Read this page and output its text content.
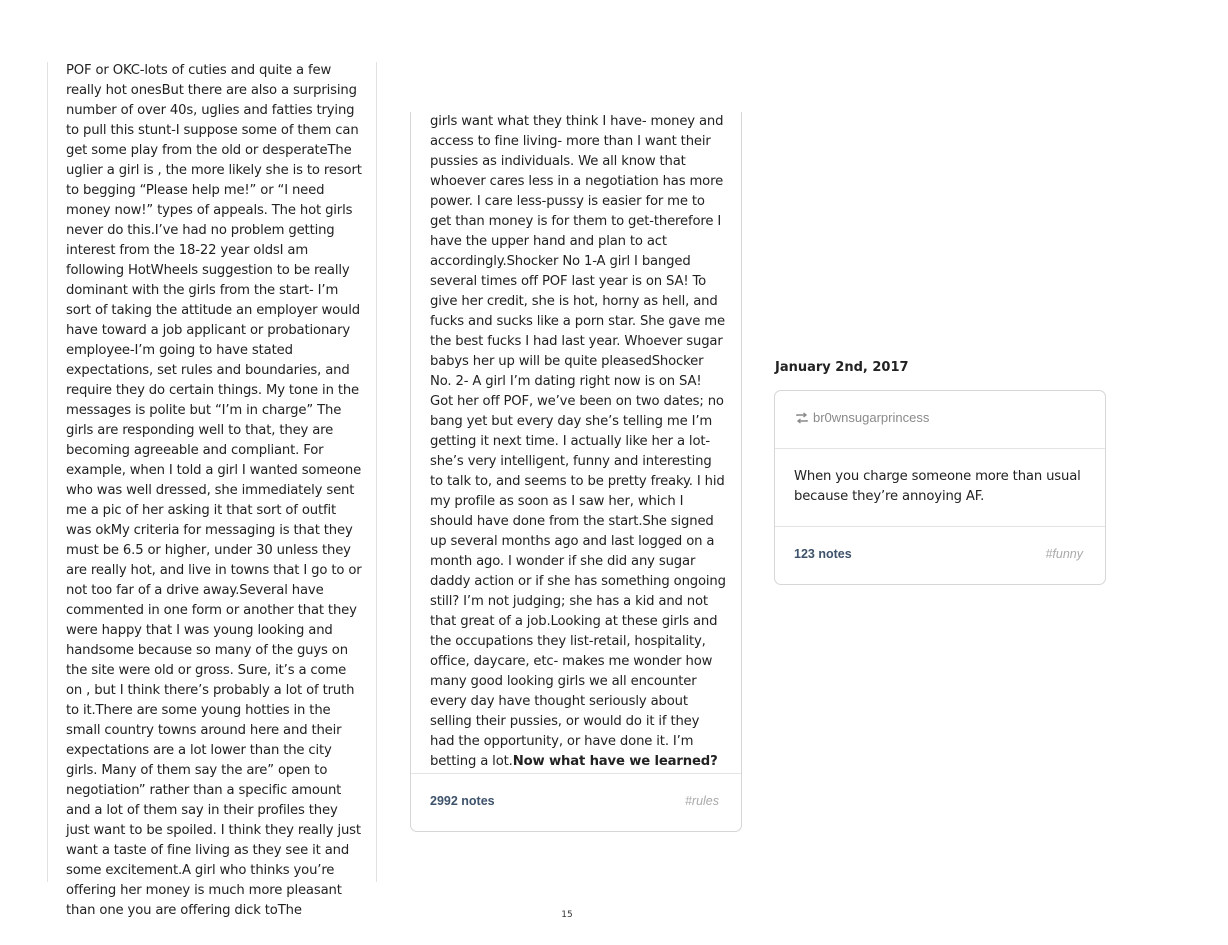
POF or OKC-lots of cuties and quite a few really hot onesBut there are also a surprising number of over 40s, uglies and fatties trying to pull this stunt-I suppose some of them can get some play from the old or desperateThe uglier a girl is , the more likely she is to resort to begging “Please help me!” or “I need money now!” types of appeals. The hot girls never do this.I’ve had no problem getting interest from the 18-22 year oldsI am following HotWheels suggestion to be really dominant with the girls from the start- I’m sort of taking the attitude an employer would have toward a job applicant or probationary employee-I’m going to have stated expectations, set rules and boundaries, and require they do certain things. My tone in the messages is polite but “I’m in charge” The girls are responding well to that, they are becoming agreeable and compliant. For example, when I told a girl I wanted someone who was well dressed, she immediately sent me a pic of her asking it that sort of outfit was okMy criteria for messaging is that they must be 6.5 or higher, under 30 unless they are really hot, and live in towns that I go to or not too far of a drive away.Several have commented in one form or another that they were happy that I was young looking and handsome because so many of the guys on the site were old or gross. Sure, it’s a come on , but I think there’s probably a lot of truth to it.There are some young hotties in the small country towns around here and their expectations are a lot lower than the city girls. Many of them say the are” open to negotiation” rather than a specific amount and a lot of them say in their profiles they just want to be spoiled. I think they really just want a taste of fine living as they see it and some excitement.A girl who thinks you’re offering her money is much more pleasant than one you are offering dick toThe
girls want what they think I have- money and access to fine living- more than I want their pussies as individuals. We all know that whoever cares less in a negotiation has more power. I care less-pussy is easier for me to get than money is for them to get-therefore I have the upper hand and plan to act accordingly.Shocker No 1-A girl I banged several times off POF last year is on SA! To give her credit, she is hot, horny as hell, and fucks and sucks like a porn star. She gave me the best fucks I had last year. Whoever sugar babys her up will be quite pleasedShocker No. 2- A girl I’m dating right now is on SA! Got her off POF, we’ve been on two dates; no bang yet but every day she’s telling me I’m getting it next time. I actually like her a lot-she’s very intelligent, funny and interesting to talk to, and seems to be pretty freaky. I hid my profile as soon as I saw her, which I should have done from the start.She signed up several months ago and last logged on a month ago. I wonder if she did any sugar daddy action or if she has something ongoing still? I’m not judging; she has a kid and not that great of a job.Looking at these girls and the occupations they list-retail, hospitality, office, daycare, etc- makes me wonder how many good looking girls we all encounter every day have thought seriously about selling their pussies, or would do it if they had the opportunity, or have done it. I’m betting a lot.Now what have we learned?
2992 notes	#rules
January 2nd, 2017
br0wnsugarprincess
When you charge someone more than usual because they’re annoying AF.
123 notes	#funny
15
